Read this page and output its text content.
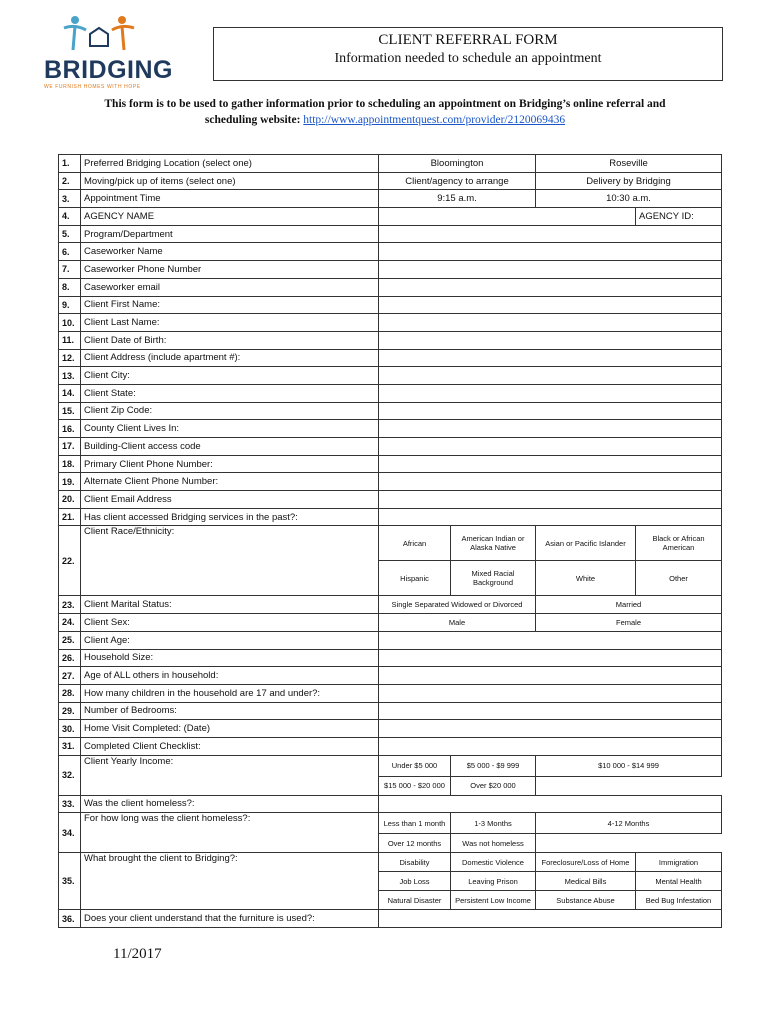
BRIDGING
WE FURNISH HOMES WITH HOPE
CLIENT REFERRAL FORM
Information needed to schedule an appointment
This form is to be used to gather information prior to scheduling an appointment on Bridging’s online referral and scheduling website: http://www.appointmentquest.com/provider/2120069436
1.	Preferred Bridging Location (select one)	Bloomington		Roseville	
2.	Moving/pick up of items (select one)	Client/agency to arrange		Delivery by Bridging	
3.	Appointment Time	9:15 a.m.		10:30 a.m.	
4.	AGENCY NAME				AGENCY ID:
5.	Program/Department				
6.	Caseworker Name				
7.	Caseworker Phone Number				
8.	Caseworker email				
9.	Client First Name:				
10.	Client Last Name:				
11.	Client Date of Birth:				
12.	Client Address (include apartment #):				
13.	Client City:				
14.	Client State:				
15.	Client Zip Code:				
16.	County Client Lives In:				
17.	Building-Client access code				
18.	Primary Client Phone Number:				
19.	Alternate Client Phone Number:				
20.	Client Email Address				
21.	Has client accessed Bridging services in the past?:				
22.	Client Race/Ethnicity:	African	American Indian or Alaska Native	Asian or Pacific Islander	Black or African American
		Hispanic	Mixed Racial Background	White	Other
23.	Client Marital Status:	Single Separated Widowed or Divorced		Married	
24.	Client Sex:	Male		Female	
25.	Client Age:				
26.	Household Size:				
27.	Age of ALL others in household:				
28.	How many children in the household are 17 and under?:				
29.	Number of Bedrooms:				
30.	Home Visit Completed: (Date)				
31.	Completed Client Checklist:				
32.	Client Yearly Income:	Under $5 000	$5 000 - $9 999	$10 000 - $14 999	
		$15 000 - $20 000	Over $20 000		
33.	Was the client homeless?:				
34.	For how long was the client homeless?:	Less than 1 month	1-3 Months	4-12 Months	
		Over 12 months	Was not homeless		
35.	What brought the client to Bridging?:	Disability	Domestic Violence	Foreclosure/Loss of Home	Immigration
		Job Loss	Leaving Prison	Medical Bills	Mental Health
		Natural Disaster	Persistent Low Income	Substance Abuse	Bed Bug Infestation
36.	Does your client understand that the furniture is used?:				
11/2017
